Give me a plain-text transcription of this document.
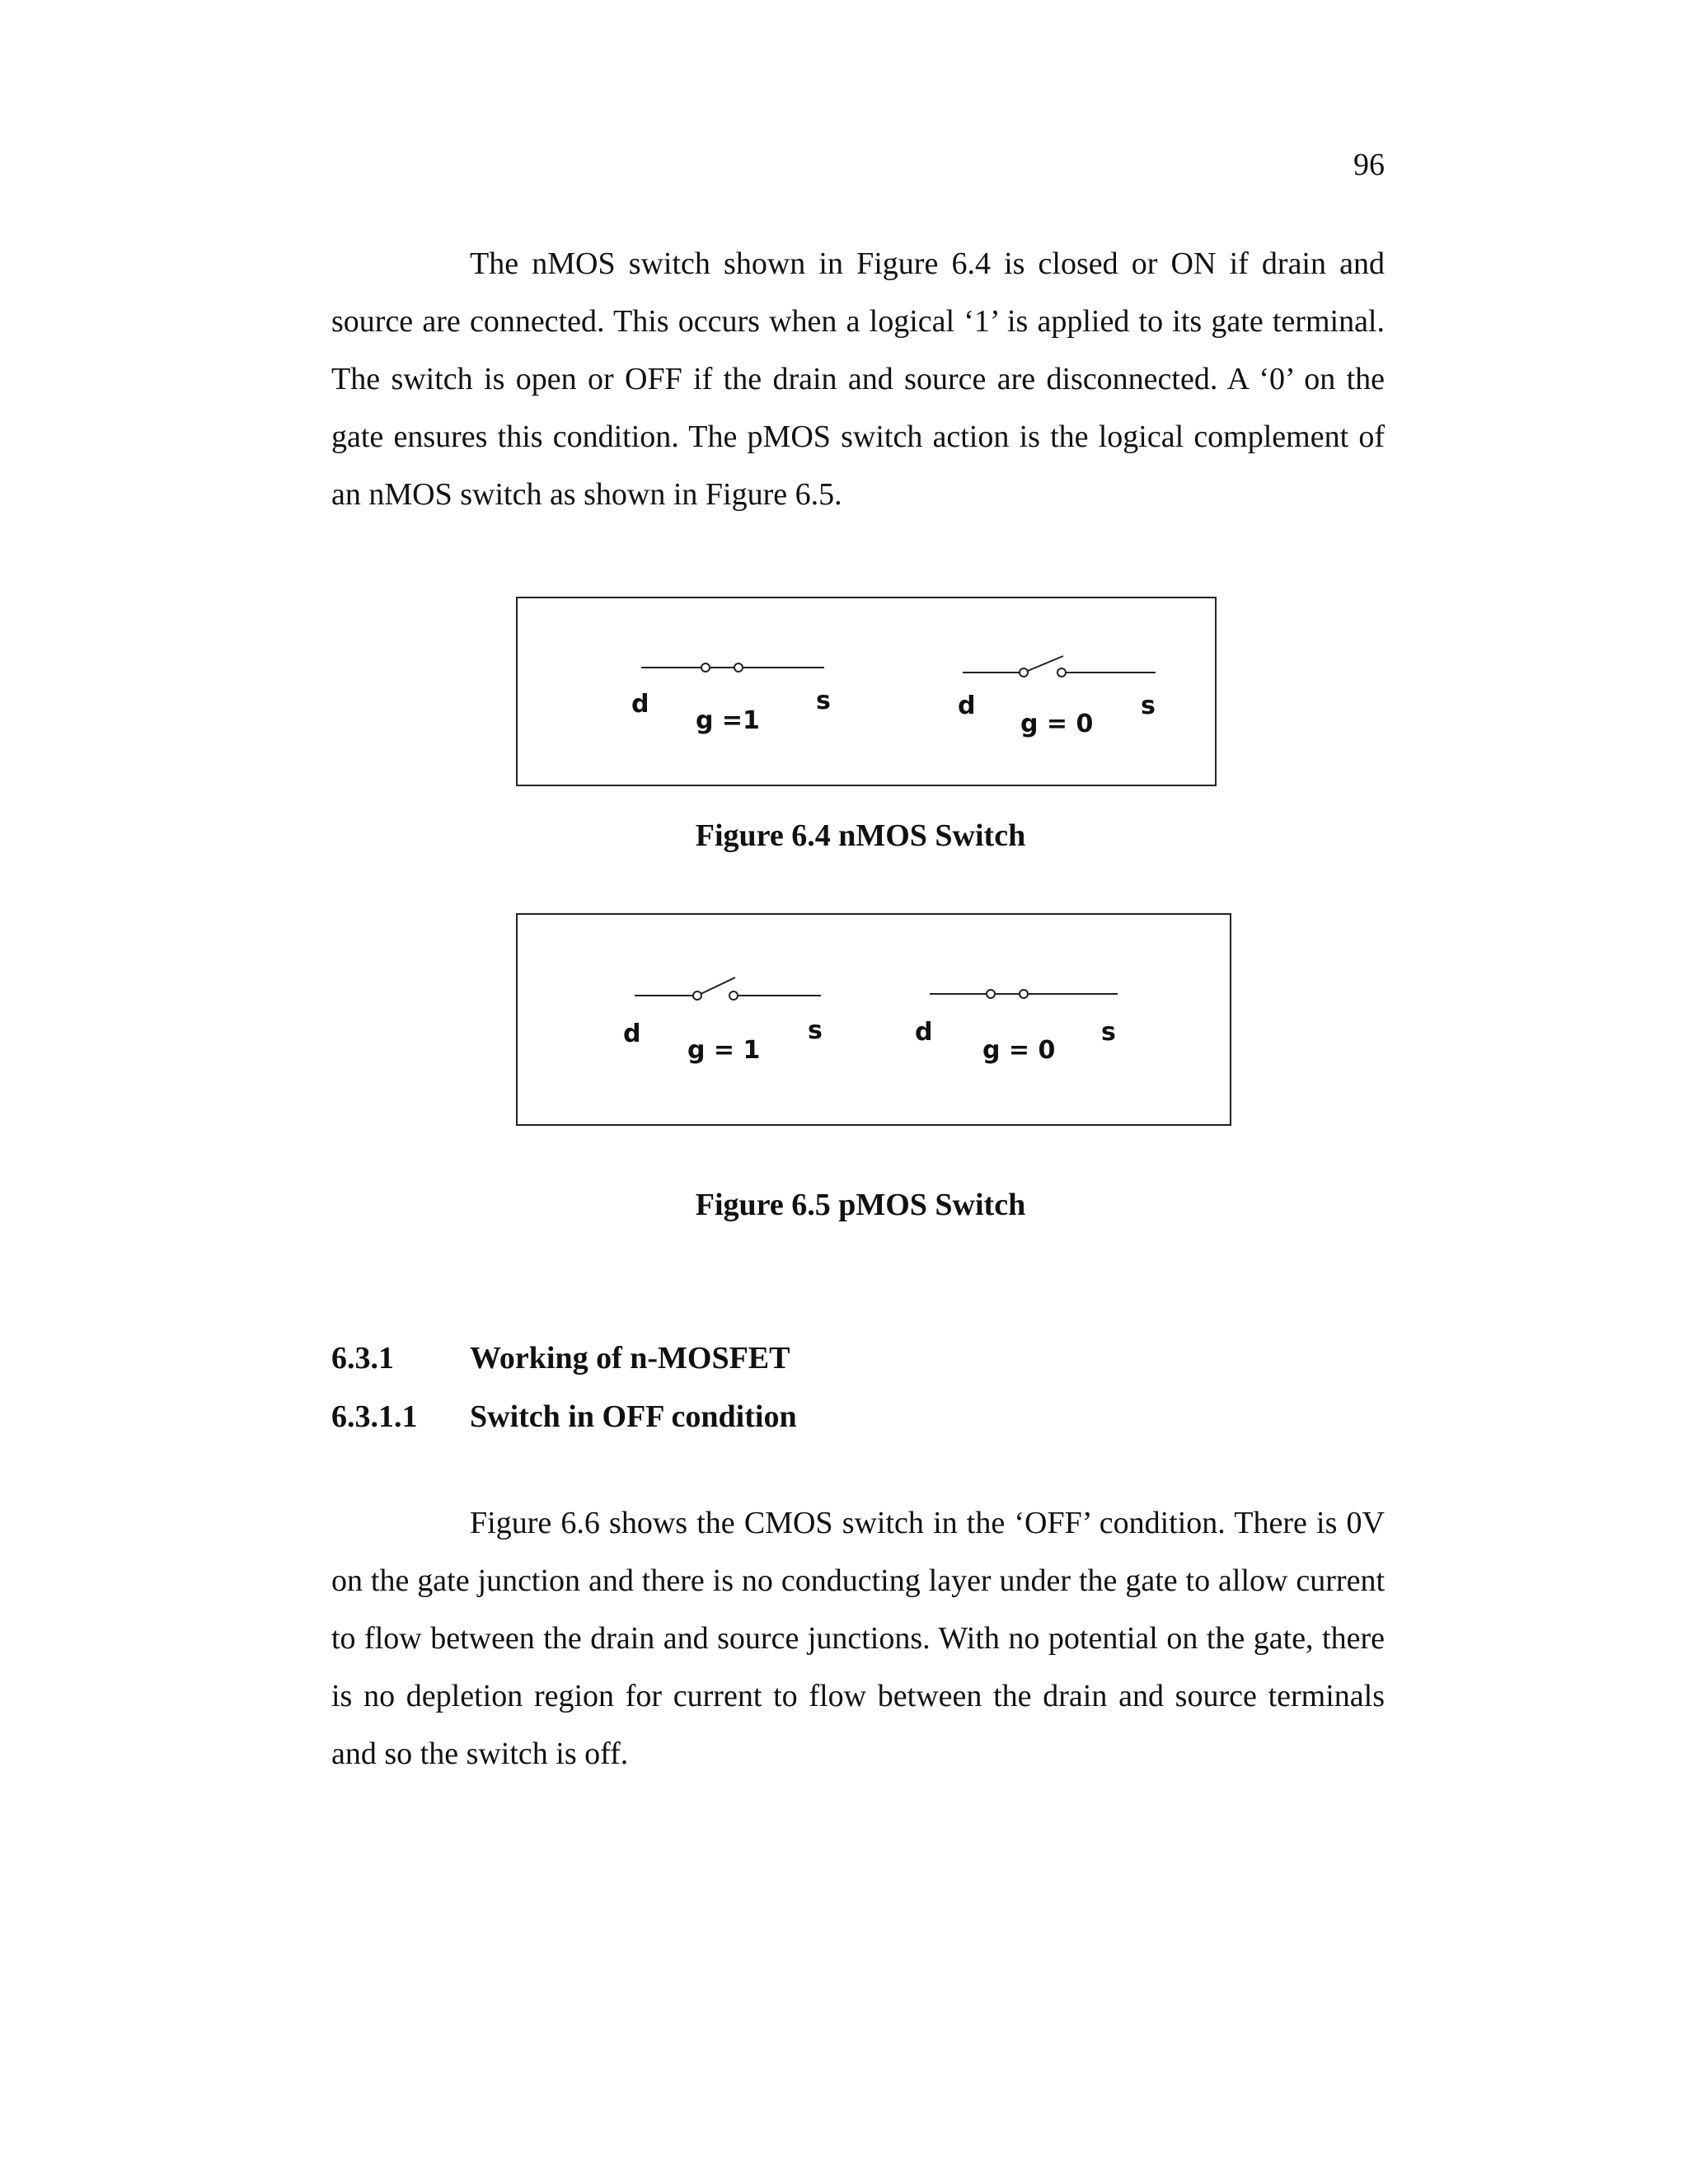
96

The nMOS switch shown in Figure 6.4 is closed or ON if drain and source are connected. This occurs when a logical ‘1’ is applied to its gate terminal. The switch is open or OFF if the drain and source are disconnected. A ‘0’ on the gate ensures this condition. The pMOS switch action is the logical complement of an nMOS switch as shown in Figure 6.5.

d
g =1
s	d
g = 0
s
Figure 6.4 nMOS Switch
d
g = 1
s	d
g = 0
s
Figure 6.5 pMOS Switch
6.3.1	Working of n-MOSFET
6.3.1.1	Switch in OFF condition

Figure 6.6 shows the CMOS switch in the ‘OFF’ condition. There is 0V on the gate junction and there is no conducting layer under the gate to allow current to flow between the drain and source junctions. With no potential on the gate, there is no depletion region for current to flow between the drain and source terminals and so the switch is off.
